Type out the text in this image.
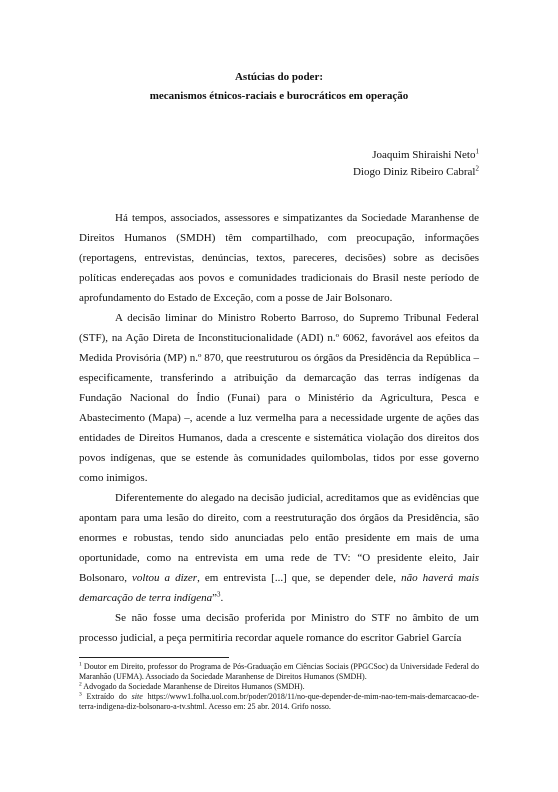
Astúcias do poder:
mecanismos étnicos-raciais e burocráticos em operação
Joaquim Shiraishi Neto$^1$
Diogo Diniz Ribeiro Cabral$^2$

Há tempos, associados, assessores e simpatizantes da Sociedade Maranhense de Direitos Humanos (SMDH) têm compartilhado, com preocupação, informações (reportagens, entrevistas, denúncias, textos, pareceres, decisões) sobre as decisões políticas endereçadas aos povos e comunidades tradicionais do Brasil neste período de aprofundamento do Estado de Exceção, com a posse de Jair Bolsonaro.

A decisão liminar do Ministro Roberto Barroso, do Supremo Tribunal Federal (STF), na Ação Direta de Inconstitucionalidade (ADI) n.º 6062, favorável aos efeitos da Medida Provisória (MP) n.º 870, que reestruturou os órgãos da Presidência da República – especificamente, transferindo a atribuição da demarcação das terras indígenas da Fundação Nacional do Índio (Funai) para o Ministério da Agricultura, Pesca e Abastecimento (Mapa) –, acende a luz vermelha para a necessidade urgente de ações das entidades de Direitos Humanos, dada a crescente e sistemática violação dos direitos dos povos indígenas, que se estende às comunidades quilombolas, tidos por esse governo como inimigos.

Diferentemente do alegado na decisão judicial, acreditamos que as evidências que apontam para uma lesão do direito, com a reestruturação dos órgãos da Presidência, são enormes e robustas, tendo sido anunciadas pelo então presidente em mais de uma oportunidade, como na entrevista em uma rede de TV: “O presidente eleito, Jair Bolsonaro, voltou a dizer, em entrevista [...] que, se depender dele, não haverá mais demarcação de terra indígena”$^3$.

Se não fosse uma decisão proferida por Ministro do STF no âmbito de um processo judicial, a peça permitiria recordar aquele romance do escritor Gabriel García

$^1$ Doutor em Direito, professor do Programa de Pós-Graduação em Ciências Sociais (PPGCSoc) da Universidade Federal do Maranhão (UFMA). Associado da Sociedade Maranhense de Direitos Humanos (SMDH).

$^2$ Advogado da Sociedade Maranhense de Direitos Humanos (SMDH).

$^3$ Extraído do site https://www1.folha.uol.com.br/poder/2018/11/no-que-depender-de-mim-nao-tem-mais-demarcacao-de-terra-indigena-diz-bolsonaro-a-tv.shtml. Acesso em: 25 abr. 2014. Grifo nosso.
